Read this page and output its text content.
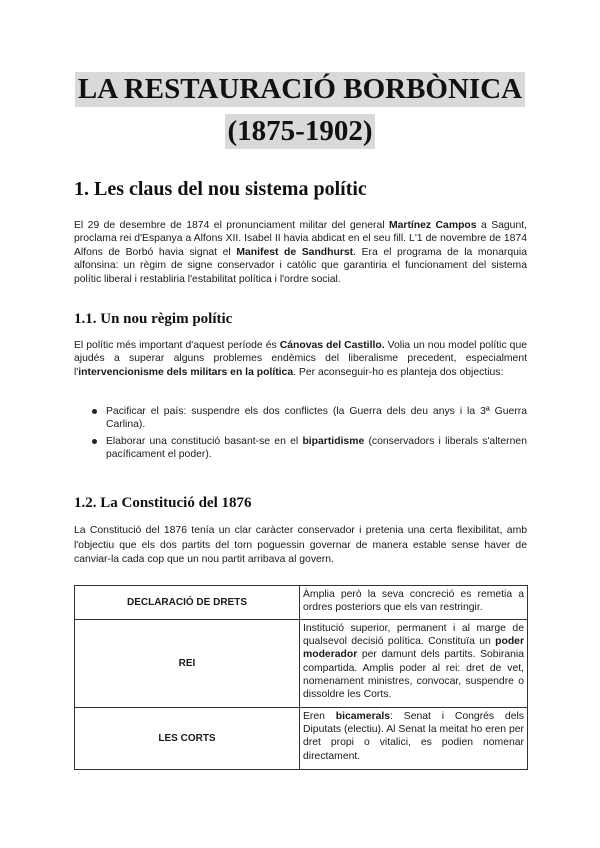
LA RESTAURACIÓ BORBÒNICA
(1875-1902)
1. Les claus del nou sistema polític

El 29 de desembre de 1874 el pronunciament militar del general Martínez Campos a Sagunt, proclama rei d'Espanya a Alfons XII. Isabel II havia abdicat en el seu fill. L'1 de novembre de 1874 Alfons de Borbó havia signat el Manifest de Sandhurst. Era el programa de la monarquia alfonsina: un règim de signe conservador i catòlic que garantiria el funcionament del sistema polític liberal i restabliria l'estabilitat política i l'ordre social.

1.1. Un nou règim polític

El polític més important d'aquest període és Cánovas del Castillo. Volia un nou model polític que ajudés a superar alguns problemes endèmics del liberalisme precedent, especialment l'intervencionisme dels militars en la política. Per aconseguir-ho es planteja dos objectius:

Pacificar el país: suspendre els dos conflictes (la Guerra dels deu anys i la 3ª Guerra Carlina).
Elaborar una constitució basant-se en el bipartidisme (conservadors i liberals s'alternen pacíficament el poder).
1.2. La Constitució del 1876

La Constitució del 1876 tenía un clar caràcter conservador i pretenia una certa flexibilitat, amb l'objectiu que els dos partits del torn poguessin governar de manera estable sense haver de canviar-la cada cop que un nou partit arribava al govern.

DECLARACIÓ DE DRETS	Àmplia però la seva concreció es remetia a ordres posteriors que els van restringir.
REI	Institució superior, permanent i al marge de qualsevol decisió política. Constituïa un poder moderador per damunt dels partits. Sobirania compartida. Amplis poder al rei: dret de vet, nomenament ministres, convocar, suspendre o dissoldre les Corts.
LES CORTS	Eren bicamerals: Senat i Congrés dels Diputats (electiu). Al Senat la meitat ho eren per dret propi o vitalici, es podien nomenar directament.
